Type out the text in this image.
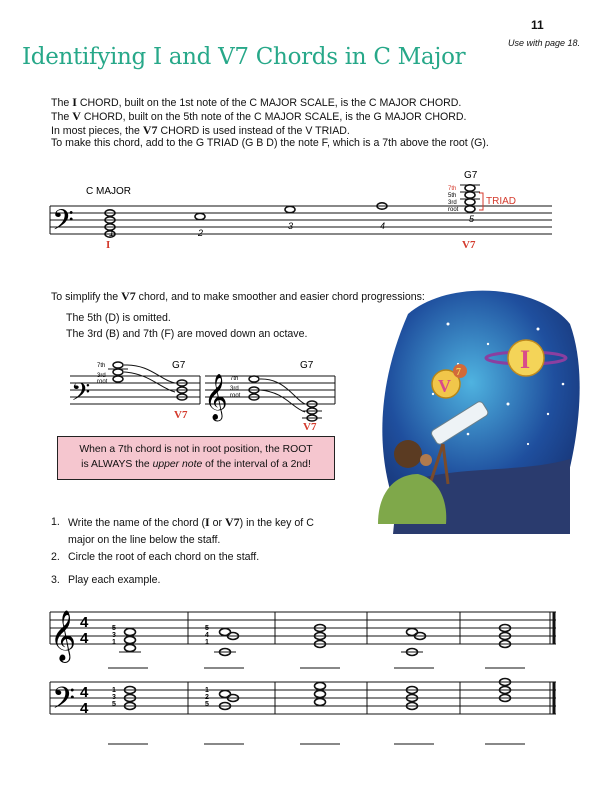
11
Use with page 18.
Identifying I and V7 Chords in C Major
The I CHORD, built on the 1st note of the C MAJOR SCALE, is the C MAJOR CHORD.
The V CHORD, built on the 5th note of the C MAJOR SCALE, is the G MAJOR CHORD.
In most pieces, the V7 CHORD is used instead of the V TRIAD.
To make this chord, add to the G TRIAD (G B D) the note F, which is a 7th above the root (G).
𝄢
C MAJOR
G7
7th
5th
3rd
root
TRIAD
1	2
3	4
5
I	V7
To simplify the V7 chord, and to make smoother and easier chord progressions:
The 5th (D) is omitted.
The 3rd (B) and 7th (F) are moved down an octave.
𝄢	𝄞
G7	G7
7th
3rd
root	7th
3rd
root
V7
V7
When a 7th chord is not in root position, the ROOT
is ALWAYS the upper note of the interval of a 2nd!
I
V
7
1. Write the name of the chord (I or V7) in the key of C major on the line below the staff.
2. Circle the root of each chord on the staff.
3. Play each example.
𝄞
𝄢
4
4
4
4
5
3
1
5
4
1
1
3
5
1
2
5
